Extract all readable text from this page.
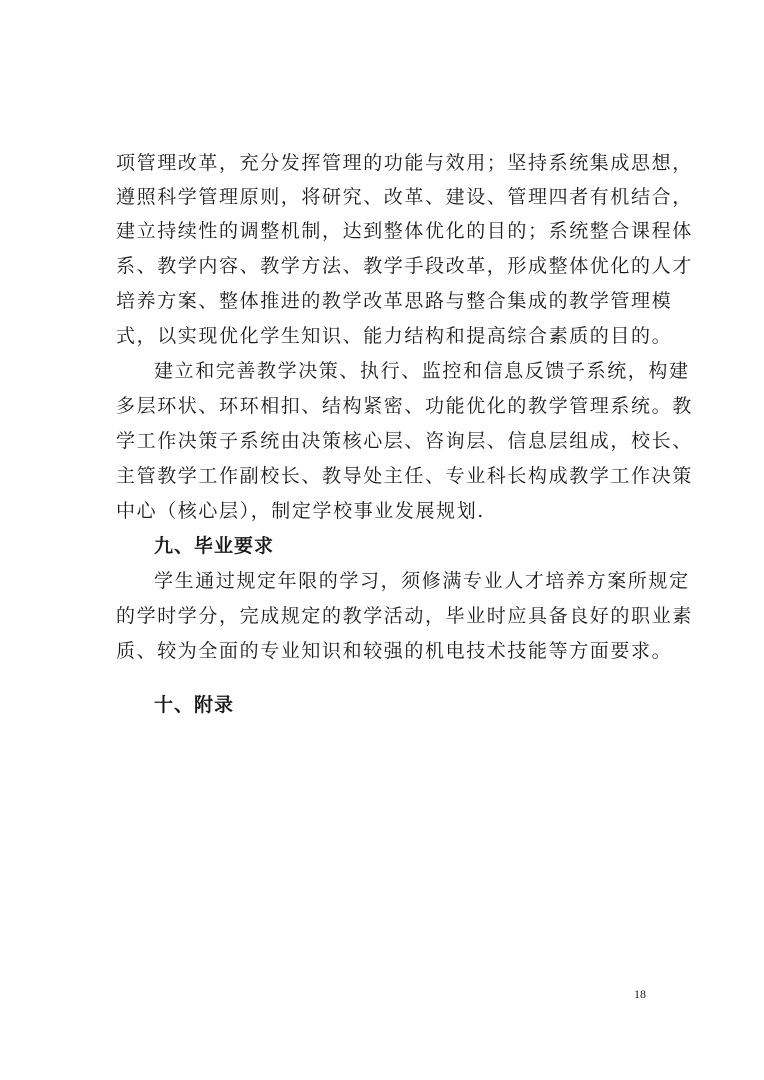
项管理改革，充分发挥管理的功能与效用；坚持系统集成思想，
遵照科学管理原则，将研究、改革、建设、管理四者有机结合，
建立持续性的调整机制，达到整体优化的目的；系统整合课程体
系、教学内容、教学方法、教学手段改革，形成整体优化的人才
培养方案、整体推进的教学改革思路与整合集成的教学管理模
式，以实现优化学生知识、能力结构和提高综合素质的目的。
建立和完善教学决策、执行、监控和信息反馈子系统，构建
多层环状、环环相扣、结构紧密、功能优化的教学管理系统。教
学工作决策子系统由决策核心层、咨询层、信息层组成，校长、
主管教学工作副校长、教导处主任、专业科长构成教学工作决策
中心（核心层），制定学校事业发展规划.
九、毕业要求
学生通过规定年限的学习，须修满专业人才培养方案所规定
的学时学分，完成规定的教学活动，毕业时应具备良好的职业素
质、较为全面的专业知识和较强的机电技术技能等方面要求。
十、附录
18
